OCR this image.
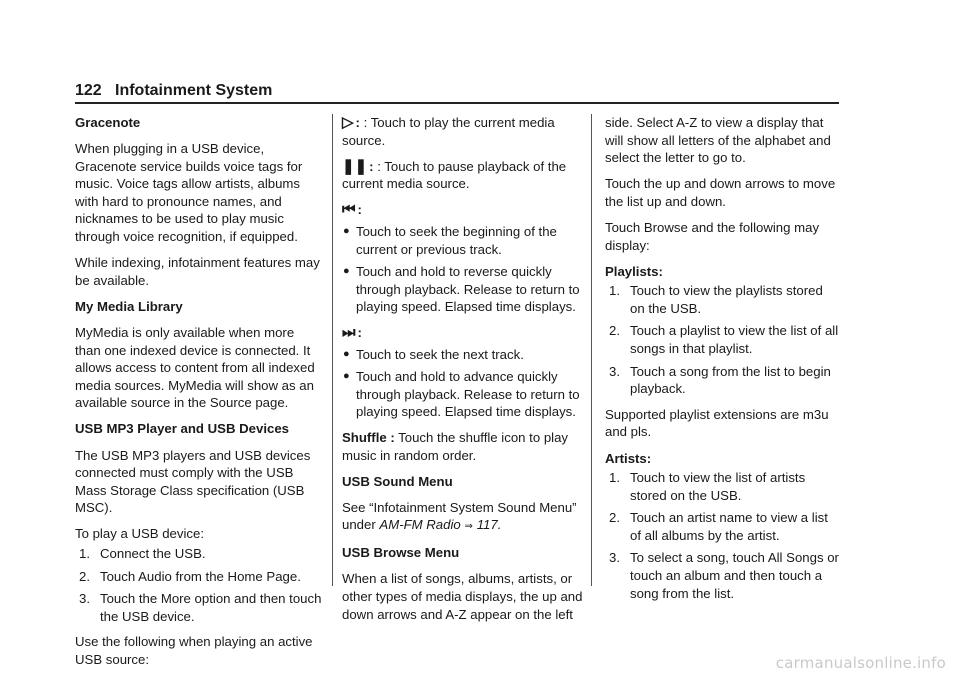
122 Infotainment System

Gracenote

When plugging in a USB device, Gracenote service builds voice tags for music. Voice tags allow artists, albums with hard to pronounce names, and nicknames to be used to play music through voice recognition, if equipped.

While indexing, infotainment features may be available.

My Media Library

MyMedia is only available when more than one indexed device is connected. It allows access to content from all indexed media sources. MyMedia will show as an available source in the Source page.

USB MP3 Player and USB Devices

The USB MP3 players and USB devices connected must comply with the USB Mass Storage Class specification (USB MSC).

To play a USB device:

1. Connect the USB.
2. Touch Audio from the Home Page.
3. Touch the More option and then touch the USB device.

Use the following when playing an active USB source:

▷ : : Touch to play the current media source.

❚❚ : : Touch to pause playback of the current media source.

⏮ :

● Touch to seek the beginning of the current or previous track.
● Touch and hold to reverse quickly through playback. Release to return to playing speed. Elapsed time displays.

⏭ :

● Touch to seek the next track.
● Touch and hold to advance quickly through playback. Release to return to playing speed. Elapsed time displays.

Shuffle : Touch the shuffle icon to play music in random order.

USB Sound Menu

See “Infotainment System Sound Menu” under AM-FM Radio ⇒ 117.

USB Browse Menu

When a list of songs, albums, artists, or other types of media displays, the up and down arrows and A-Z appear on the left

side. Select A-Z to view a display that will show all letters of the alphabet and select the letter to go to.

Touch the up and down arrows to move the list up and down.

Touch Browse and the following may display:

Playlists:

1. Touch to view the playlists stored on the USB.
2. Touch a playlist to view the list of all songs in that playlist.
3. Touch a song from the list to begin playback.

Supported playlist extensions are m3u and pls.

Artists:

1. Touch to view the list of artists stored on the USB.
2. Touch an artist name to view a list of all albums by the artist.
3. To select a song, touch All Songs or touch an album and then touch a song from the list.
carmanualsonline.info
